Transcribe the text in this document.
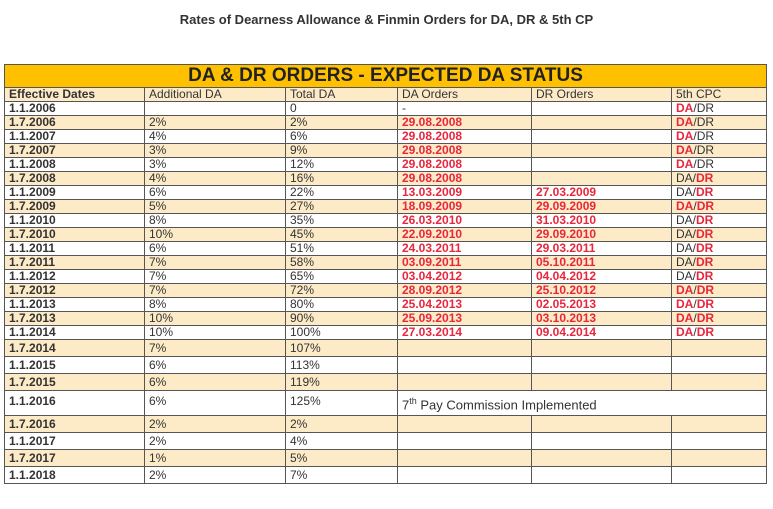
Rates of Dearness Allowance & Finmin Orders for DA, DR & 5th CP
DA & DR ORDERS - EXPECTED DA STATUS					
Effective Dates	Additional DA	Total DA	DA Orders	DR Orders	5th CPC
1.1.2006		0	-		DA/DR
1.7.2006	2%	2%	29.08.2008		DA/DR
1.1.2007	4%	6%	29.08.2008		DA/DR
1.7.2007	3%	9%	29.08.2008		DA/DR
1.1.2008	3%	12%	29.08.2008		DA/DR
1.7.2008	4%	16%	29.08.2008		DA/DR
1.1.2009	6%	22%	13.03.2009	27.03.2009	DA/DR
1.7.2009	5%	27%	18.09.2009	29.09.2009	DA/DR
1.1.2010	8%	35%	26.03.2010	31.03.2010	DA/DR
1.7.2010	10%	45%	22.09.2010	29.09.2010	DA/DR
1.1.2011	6%	51%	24.03.2011	29.03.2011	DA/DR
1.7.2011	7%	58%	03.09.2011	05.10.2011	DA/DR
1.1.2012	7%	65%	03.04.2012	04.04.2012	DA/DR
1.7.2012	7%	72%	28.09.2012	25.10.2012	DA/DR
1.1.2013	8%	80%	25.04.2013	02.05.2013	DA/DR
1.7.2013	10%	90%	25.09.2013	03.10.2013	DA/DR
1.1.2014	10%	100%	27.03.2014	09.04.2014	DA/DR
1.7.2014	7%	107%			
1.1.2015	6%	113%			
1.7.2015	6%	119%			
1.1.2016	6%	125%	7th Pay Commission Implemented		
1.7.2016	2%	2%			
1.1.2017	2%	4%			
1.7.2017	1%	5%			
1.1.2018	2%	7%			
